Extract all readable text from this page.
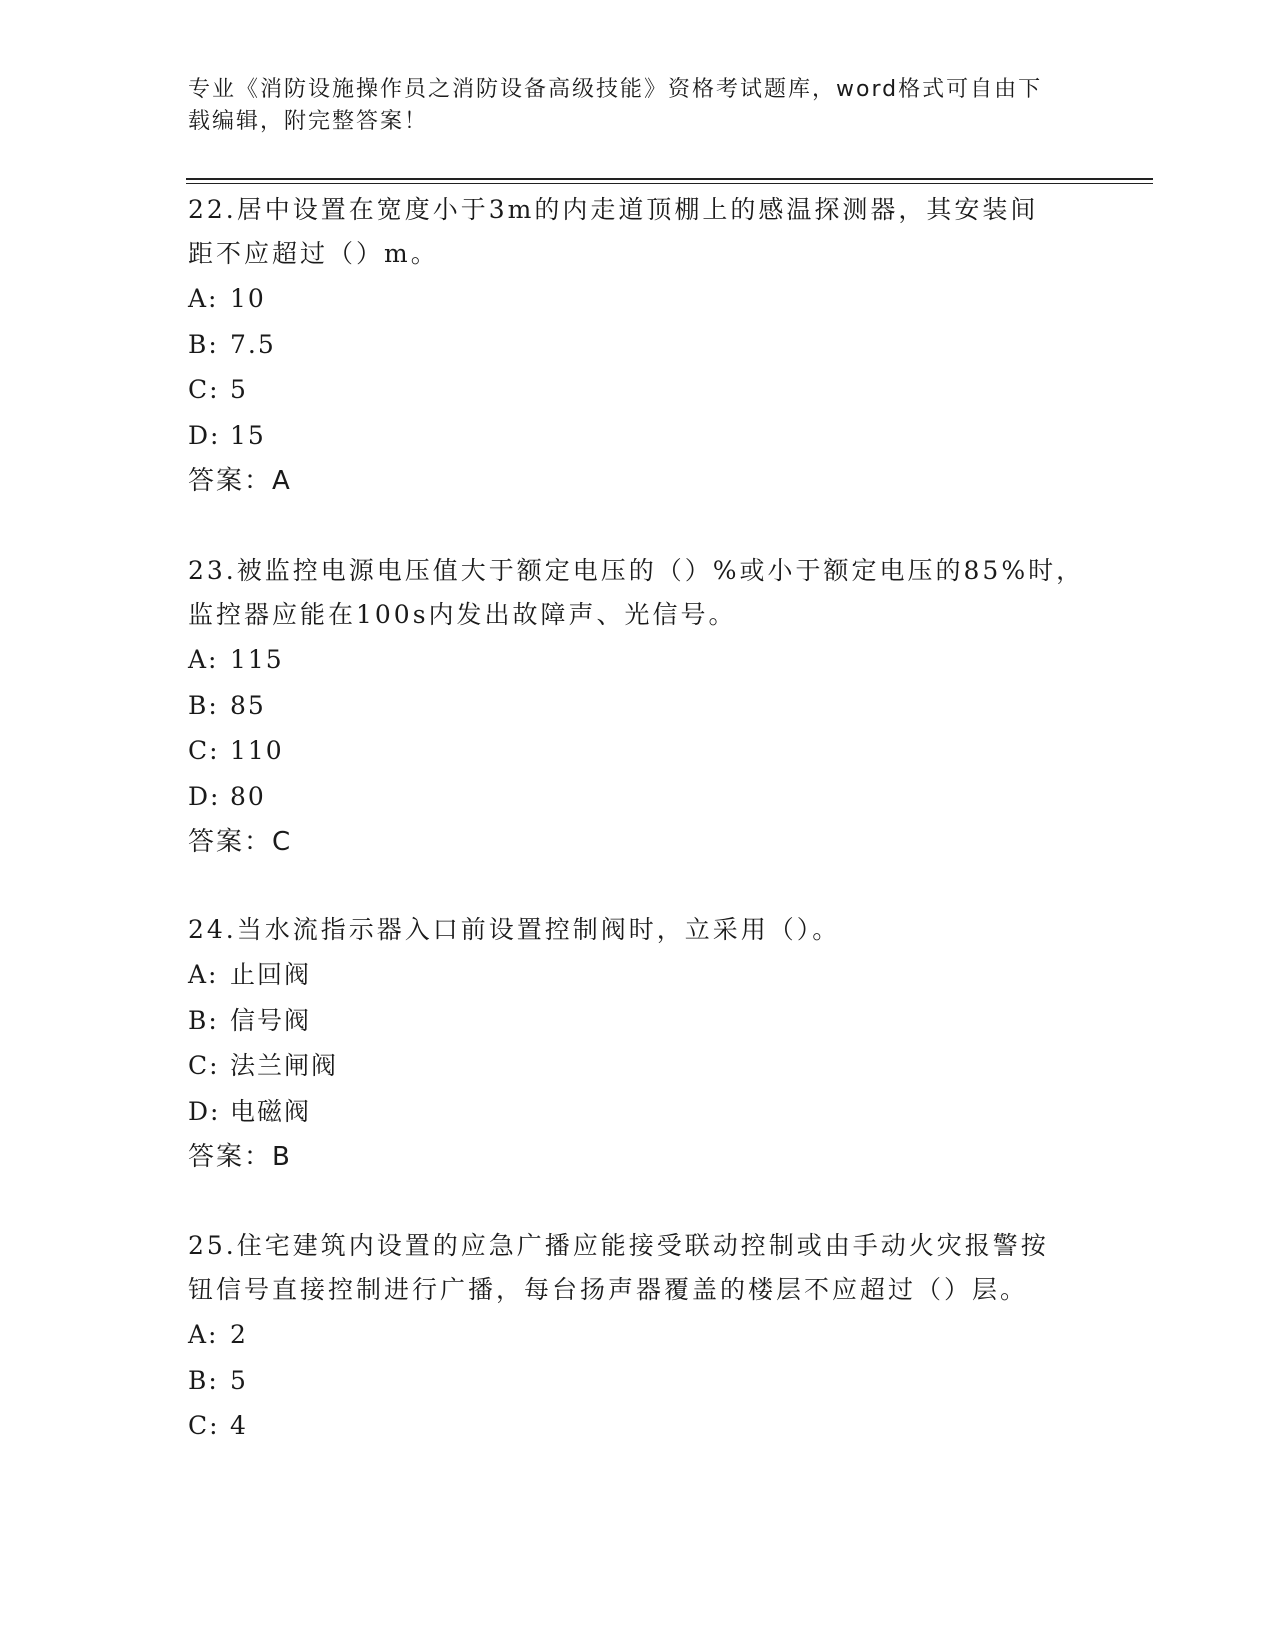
专业《消防设施操作员之消防设备高级技能》资格考试题库，word格式可自由下
载编辑，附完整答案！

22.居中设置在宽度小于3m的内走道顶棚上的感温探测器，其安装间

距不应超过（）m。

A: 10

B: 7.5

C: 5

D: 15

答案：A

23.被监控电源电压值大于额定电压的（）%或小于额定电压的85%时，

监控器应能在100s内发出故障声、光信号。

A: 115

B: 85

C: 110

D: 80

答案：C

24.当水流指示器入口前设置控制阀时，立采用（）。

A: 止回阀

B: 信号阀

C: 法兰闸阀

D: 电磁阀

答案：B

25.住宅建筑内设置的应急广播应能接受联动控制或由手动火灾报警按

钮信号直接控制进行广播，每台扬声器覆盖的楼层不应超过（）层。

A: 2

B: 5

C: 4
